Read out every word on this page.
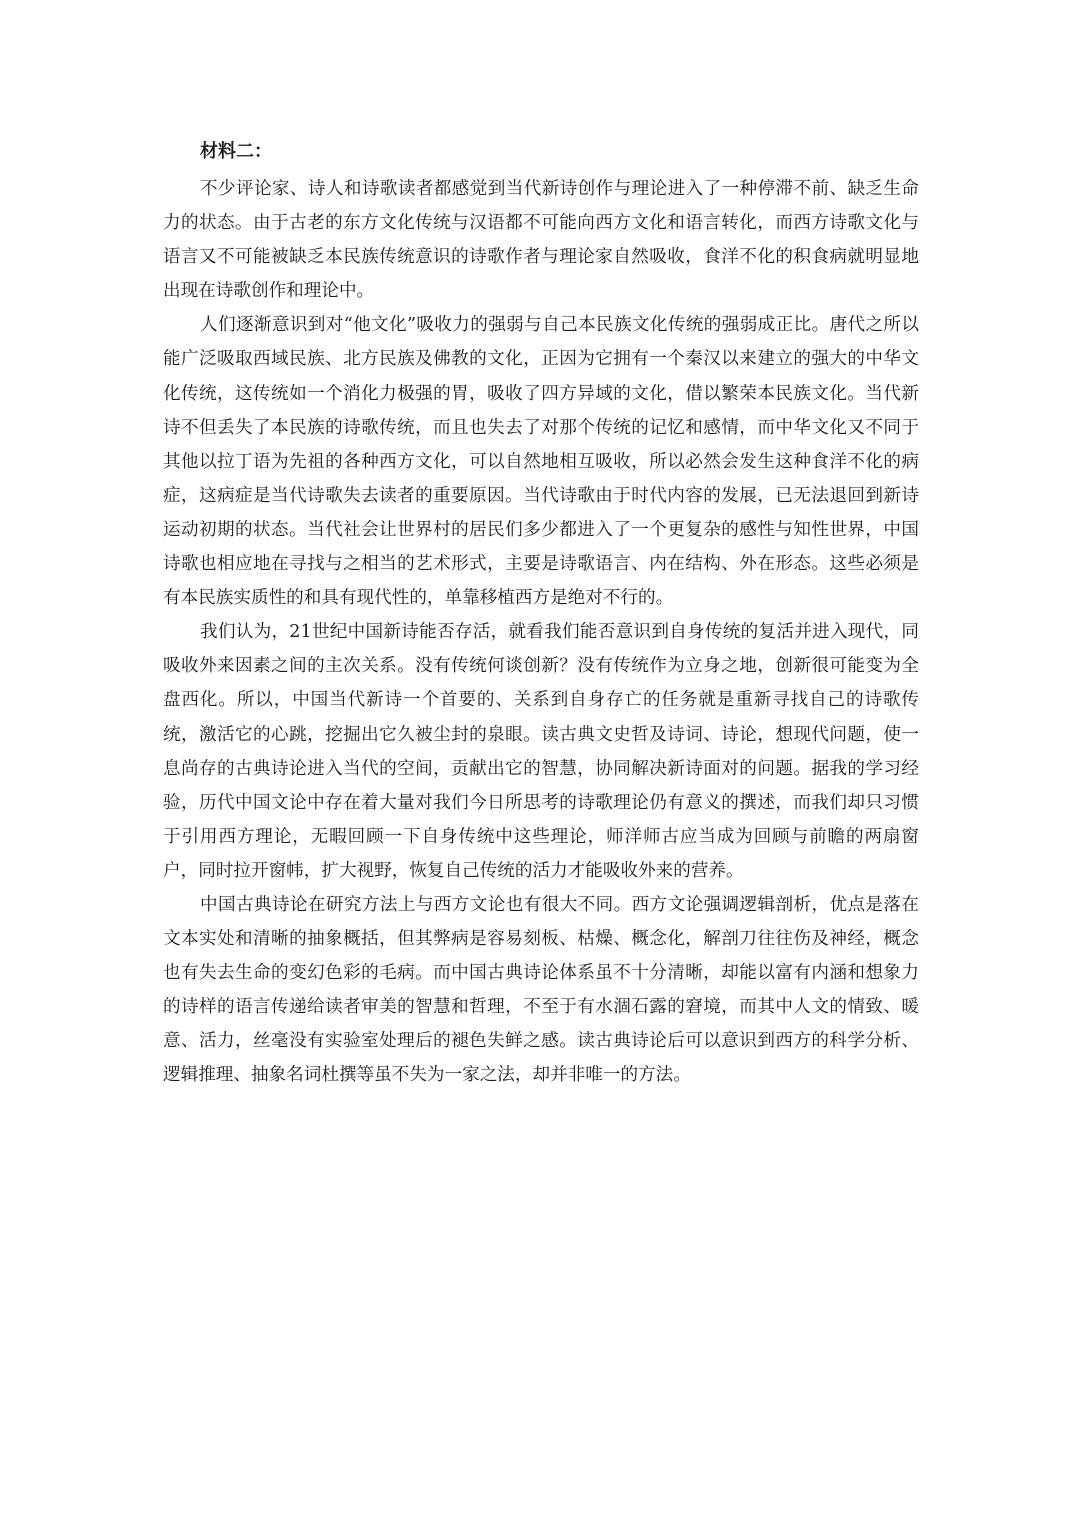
材料二：

不少评论家、诗人和诗歌读者都感觉到当代新诗创作与理论进入了一种停滞不前、缺乏生命力的状态。由于古老的东方文化传统与汉语都不可能向西方文化和语言转化，而西方诗歌文化与语言又不可能被缺乏本民族传统意识的诗歌作者与理论家自然吸收，食洋不化的积食病就明显地出现在诗歌创作和理论中。

人们逐渐意识到对“他文化”吸收力的强弱与自己本民族文化传统的强弱成正比。唐代之所以能广泛吸取西域民族、北方民族及佛教的文化，正因为它拥有一个秦汉以来建立的强大的中华文化传统，这传统如一个消化力极强的胃，吸收了四方异域的文化，借以繁荣本民族文化。当代新诗不但丢失了本民族的诗歌传统，而且也失去了对那个传统的记忆和感情，而中华文化又不同于其他以拉丁语为先祖的各种西方文化，可以自然地相互吸收，所以必然会发生这种食洋不化的病症，这病症是当代诗歌失去读者的重要原因。当代诗歌由于时代内容的发展，已无法退回到新诗运动初期的状态。当代社会让世界村的居民们多少都进入了一个更复杂的感性与知性世界，中国诗歌也相应地在寻找与之相当的艺术形式，主要是诗歌语言、内在结构、外在形态。这些必须是有本民族实质性的和具有现代性的，单靠移植西方是绝对不行的。

我们认为，21世纪中国新诗能否存活，就看我们能否意识到自身传统的复活并进入现代，同吸收外来因素之间的主次关系。没有传统何谈创新？没有传统作为立身之地，创新很可能变为全盘西化。所以，中国当代新诗一个首要的、关系到自身存亡的任务就是重新寻找自己的诗歌传统，激活它的心跳，挖掘出它久被尘封的泉眼。读古典文史哲及诗词、诗论，想现代问题，使一息尚存的古典诗论进入当代的空间，贡献出它的智慧，协同解决新诗面对的问题。据我的学习经验，历代中国文论中存在着大量对我们今日所思考的诗歌理论仍有意义的撰述，而我们却只习惯于引用西方理论，无暇回顾一下自身传统中这些理论，师洋师古应当成为回顾与前瞻的两扇窗户，同时拉开窗帏，扩大视野，恢复自己传统的活力才能吸收外来的营养。

中国古典诗论在研究方法上与西方文论也有很大不同。西方文论强调逻辑剖析，优点是落在文本实处和清晰的抽象概括，但其弊病是容易刻板、枯燥、概念化，解剖刀往往伤及神经，概念也有失去生命的变幻色彩的毛病。而中国古典诗论体系虽不十分清晰，却能以富有内涵和想象力的诗样的语言传递给读者审美的智慧和哲理，不至于有水涸石露的窘境，而其中人文的情致、暖意、活力，丝毫没有实验室处理后的褪色失鲜之感。读古典诗论后可以意识到西方的科学分析、逻辑推理、抽象名词杜撰等虽不失为一家之法，却并非唯一的方法。
